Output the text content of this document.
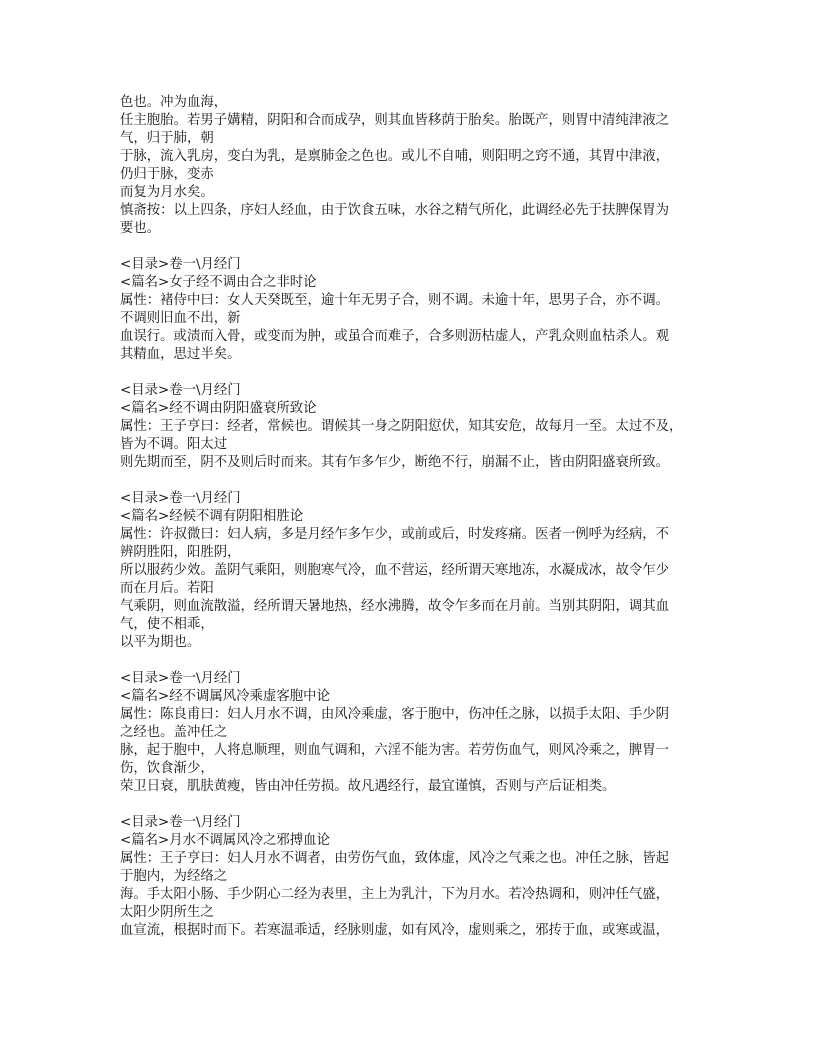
色也。冲为血海，
任主胞胎。若男子媾精，阴阳和合而成孕，则其血皆移荫于胎矣。胎既产，则胃中清纯津液之
气，归于肺，朝
于脉，流入乳房，变白为乳，是禀肺金之色也。或儿不自哺，则阳明之窍不通，其胃中津液，
仍归于脉，变赤
而复为月水矣。
慎斋按：以上四条，序妇人经血，由于饮食五味，水谷之精气所化，此调经必先于扶脾保胃为
要也。
<目录>卷一\月经门
<篇名>女子经不调由合之非时论
属性：褚侍中曰：女人天癸既至，逾十年无男子合，则不调。未逾十年，思男子合，亦不调。
不调则旧血不出，新
血误行。或渍而入骨，或变而为肿，或虽合而难子，合多则沥枯虚人，产乳众则血枯杀人。观
其精血，思过半矣。
<目录>卷一\月经门
<篇名>经不调由阴阳盛衰所致论
属性：王子亨曰：经者，常候也。谓候其一身之阴阳愆伏，知其安危，故每月一至。太过不及，
皆为不调。阳太过
则先期而至，阴不及则后时而来。其有乍多乍少，断绝不行，崩漏不止，皆由阴阳盛衰所致。
<目录>卷一\月经门
<篇名>经候不调有阴阳相胜论
属性：许叔微曰：妇人病，多是月经乍多乍少，或前或后，时发疼痛。医者一例呼为经病，不
辨阴胜阳，阳胜阴，
所以服药少效。盖阴气乘阳，则胞寒气冷，血不营运，经所谓天寒地冻，水凝成冰，故令乍少
而在月后。若阳
气乘阴，则血流散溢，经所谓天暑地热，经水沸腾，故令乍多而在月前。当别其阴阳，调其血
气，使不相乖，
以平为期也。
<目录>卷一\月经门
<篇名>经不调属风冷乘虚客胞中论
属性：陈良甫曰：妇人月水不调，由风冷乘虚，客于胞中，伤冲任之脉，以损手太阳、手少阴
之经也。盖冲任之
脉，起于胞中，人将息顺理，则血气调和，六淫不能为害。若劳伤血气，则风冷乘之，脾胃一
伤，饮食渐少，
荣卫日衰，肌肤黄瘦，皆由冲任劳损。故凡遇经行，最宜谨慎，否则与产后证相类。
<目录>卷一\月经门
<篇名>月水不调属风冷之邪搏血论
属性：王子亨曰：妇人月水不调者，由劳伤气血，致体虚，风冷之气乘之也。冲任之脉，皆起
于胞内，为经络之
海。手太阳小肠、手少阴心二经为表里，主上为乳汁，下为月水。若冷热调和，则冲任气盛，
太阳少阴所生之
血宣流，根据时而下。若寒温乖适，经脉则虚，如有风冷，虚则乘之，邪抟于血，或寒或温，
